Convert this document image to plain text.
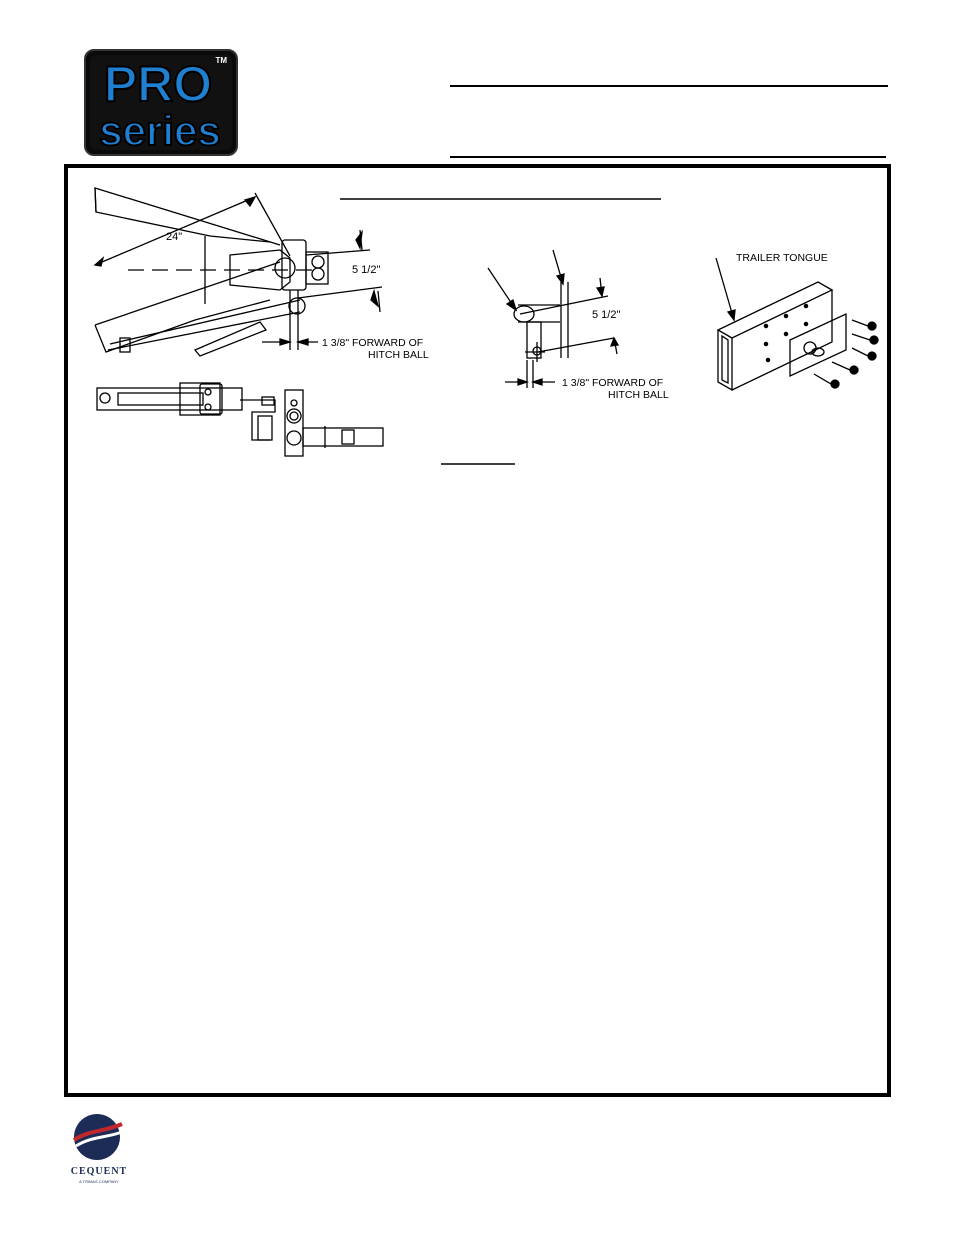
PRO TM
series
24"
5 1/2"
1 3/8" FORWARD OF
HITCH BALL
5 1/2"
1 3/8" FORWARD OF
HITCH BALL
TRAILER TONGUE
CEQUENT
A TRIMAS COMPANY
